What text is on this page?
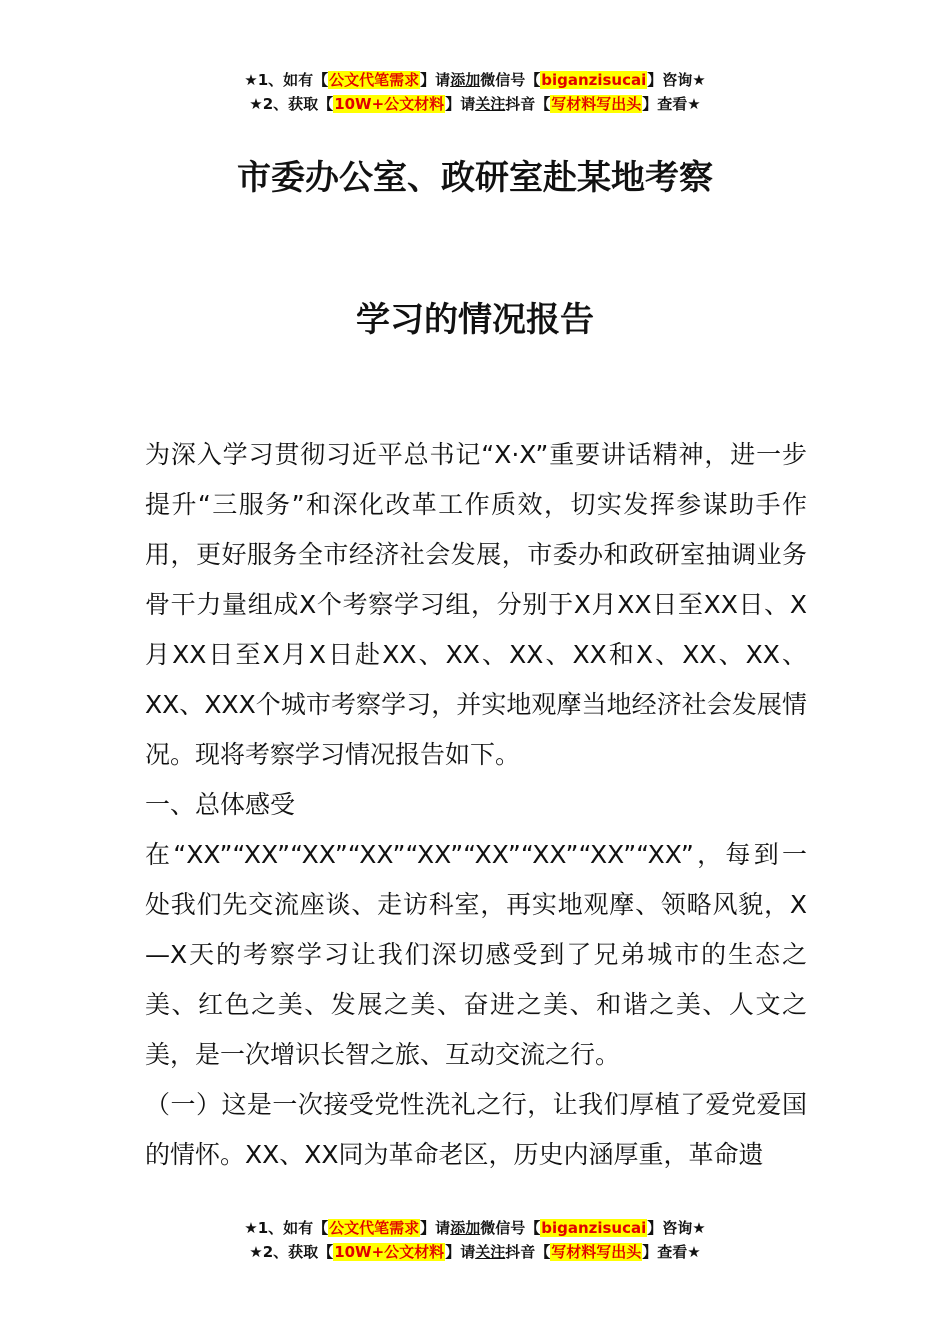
★1、如有【公文代笔需求】请添加微信号【biganzisucai】咨询★
★2、获取【10W+公文材料】请关注抖音【写材料写出头】查看★
市委办公室、政研室赴某地考察
学习的情况报告

为深入学习贯彻习近平总书记“X·X”重要讲话精神，进一步提升“三服务”和深化改革工作质效，切实发挥参谋助手作用，更好服务全市经济社会发展，市委办和政研室抽调业务骨干力量组成X个考察学习组，分别于X月XX日至XX日、X月XX日至X月X日赴XX、XX、XX、XX和X、XX、XX、XX、XXX个城市考察学习，并实地观摩当地经济社会发展情况。现将考察学习情况报告如下。

一、总体感受

在“XX”“XX”“XX”“XX”“XX”“XX”“XX”“XX”“XX”，每到一处我们先交流座谈、走访科室，再实地观摩、领略风貌，X—X天的考察学习让我们深切感受到了兄弟城市的生态之美、红色之美、发展之美、奋进之美、和谐之美、人文之美，是一次增识长智之旅、互动交流之行。

（一）这是一次接受党性洗礼之行，让我们厚植了爱党爱国的情怀。XX、XX同为革命老区，历史内涵厚重，革命遗

★1、如有【公文代笔需求】请添加微信号【biganzisucai】咨询★
★2、获取【10W+公文材料】请关注抖音【写材料写出头】查看★
